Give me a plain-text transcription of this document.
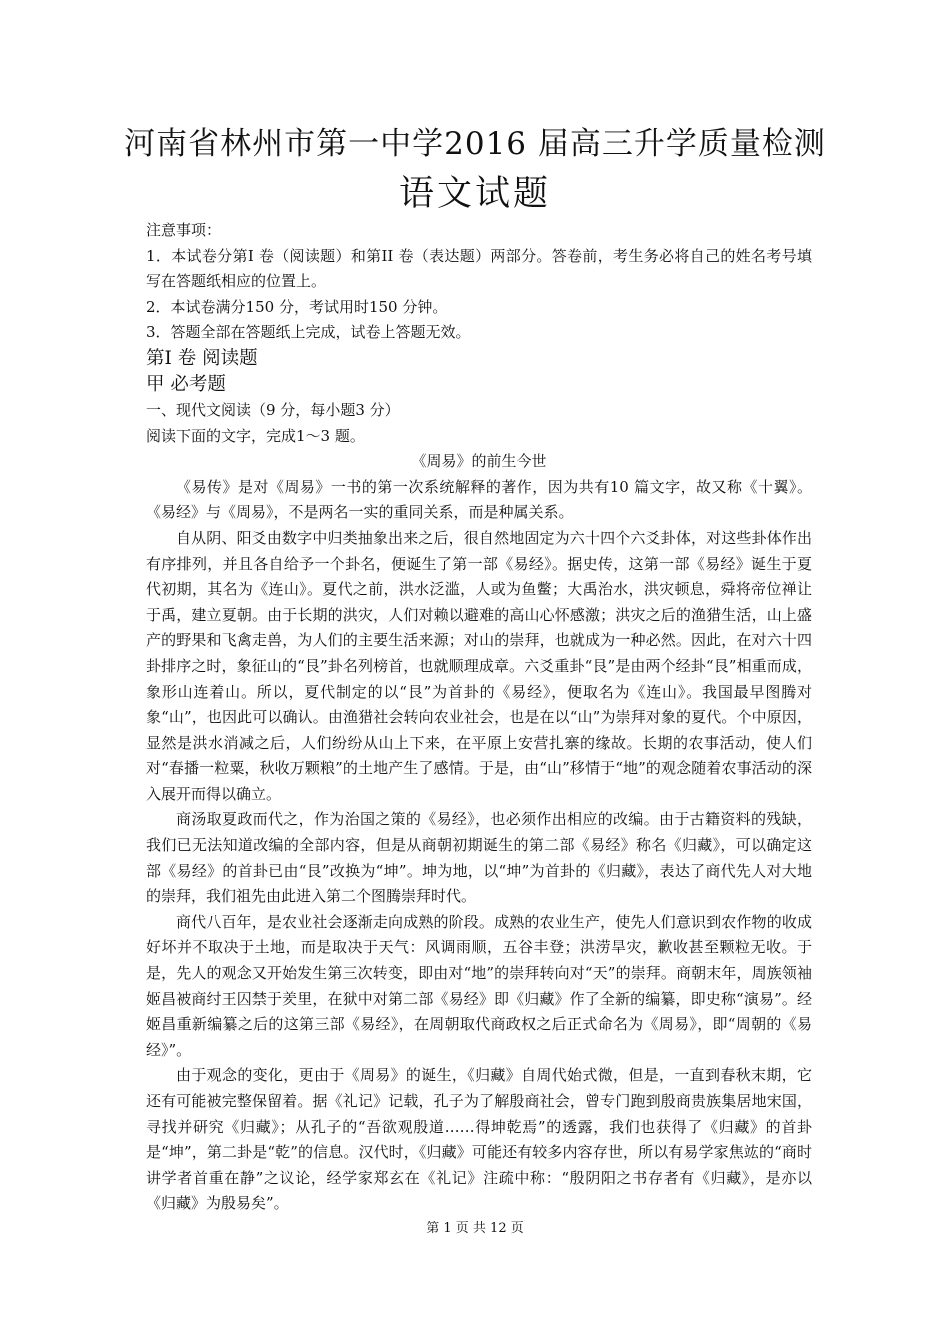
河南省林州市第一中学2016 届高三升学质量检测
语文试题

注意事项：

1．本试卷分第I 卷（阅读题）和第II 卷（表达题）两部分。答卷前，考生务必将自己的姓名考号填写在答题纸相应的位置上。

2．本试卷满分150 分，考试用时150 分钟。

3．答题全部在答题纸上完成，试卷上答题无效。

第I 卷 阅读题

甲 必考题

一、现代文阅读（9 分，每小题3 分）

阅读下面的文字，完成1～3 题。

《周易》的前生今世

《易传》是对《周易》一书的第一次系统解释的著作，因为共有10 篇文字，故又称《十翼》。《易经》与《周易》，不是两名一实的重同关系，而是种属关系。

自从阴、阳爻由数字中归类抽象出来之后，很自然地固定为六十四个六爻卦体，对这些卦体作出有序排列，并且各自给予一个卦名，便诞生了第一部《易经》。据史传，这第一部《易经》诞生于夏代初期，其名为《连山》。夏代之前，洪水泛滥，人或为鱼鳖；大禹治水，洪灾顿息，舜将帝位禅让于禹，建立夏朝。由于长期的洪灾，人们对赖以避难的高山心怀感激；洪灾之后的渔猎生活，山上盛产的野果和飞禽走兽，为人们的主要生活来源；对山的崇拜，也就成为一种必然。因此，在对六十四卦排序之时，象征山的“艮”卦名列榜首，也就顺理成章。六爻重卦“艮”是由两个经卦“艮”相重而成，象形山连着山。所以，夏代制定的以“艮”为首卦的《易经》，便取名为《连山》。我国最早图腾对象“山”，也因此可以确认。由渔猎社会转向农业社会，也是在以“山”为崇拜对象的夏代。个中原因，显然是洪水消减之后，人们纷纷从山上下来，在平原上安营扎寨的缘故。长期的农事活动，使人们对“春播一粒粟，秋收万颗粮”的土地产生了感情。于是，由“山”移情于“地”的观念随着农事活动的深入展开而得以确立。

商汤取夏政而代之，作为治国之策的《易经》，也必须作出相应的改编。由于古籍资料的残缺，我们已无法知道改编的全部内容，但是从商朝初期诞生的第二部《易经》称名《归藏》，可以确定这部《易经》的首卦已由“艮”改换为“坤”。坤为地，以“坤”为首卦的《归藏》，表达了商代先人对大地的崇拜，我们祖先由此进入第二个图腾崇拜时代。

商代八百年，是农业社会逐渐走向成熟的阶段。成熟的农业生产，使先人们意识到农作物的收成好坏并不取决于土地，而是取决于天气：风调雨顺，五谷丰登；洪涝旱灾，歉收甚至颗粒无收。于是，先人的观念又开始发生第三次转变，即由对“地”的崇拜转向对“天”的崇拜。商朝末年，周族领袖姬昌被商纣王囚禁于羑里，在狱中对第二部《易经》即《归藏》作了全新的编纂，即史称“演易”。经姬昌重新编纂之后的这第三部《易经》，在周朝取代商政权之后正式命名为《周易》，即“周朝的《易经》”。

由于观念的变化，更由于《周易》的诞生，《归藏》自周代始式微，但是，一直到春秋末期，它还有可能被完整保留着。据《礼记》记载，孔子为了解殷商社会，曾专门跑到殷商贵族集居地宋国，寻找并研究《归藏》；从孔子的“吾欲观殷道……得坤乾焉”的透露，我们也获得了《归藏》的首卦是“坤”，第二卦是“乾”的信息。汉代时，《归藏》可能还有较多内容存世，所以有易学家焦竑的“商时讲学者首重在静”之议论，经学家郑玄在《礼记》注疏中称：“殷阴阳之书存者有《归藏》，是亦以《归藏》为殷易矣”。

第 1 页 共 12 页
